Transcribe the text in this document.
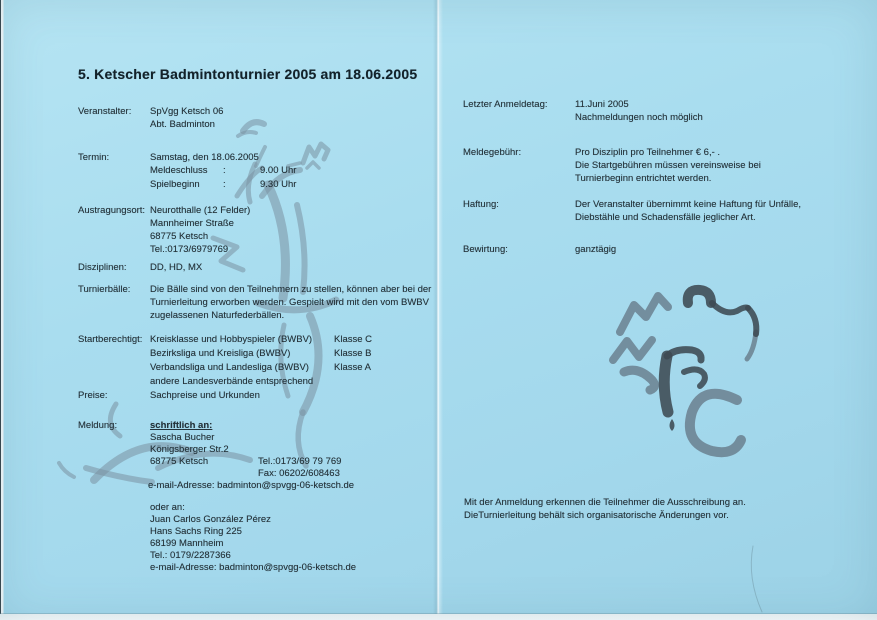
5. Ketscher Badmintonturnier 2005 am 18.06.2005
Veranstalter: SpVgg Ketsch 06
Abt. Badminton
Termin:	Samstag, den 18.06.2005
Meldeschluss :	9.00 Uhr
Spielbeginn :	9.30 Uhr
Austragungsort: Neurotthalle (12 Felder)
Mannheimer Straße
68775 Ketsch
Tel.:0173/6979769
Disziplinen: DD, HD, MX
Turnierbälle: Die Bälle sind von den Teilnehmern zu stellen, können aber bei der
Turnierleitung erworben werden. Gespielt wird mit den vom BWBV
zugelassenen Naturfederbällen.
Startberechtigt: Kreisklasse und Hobbyspieler (BWBV) Klasse C
Bezirksliga und Kreisliga (BWBV)	Klasse B
Verbandsliga und Landesliga (BWBV)	Klasse A
andere Landesverbände entsprechend
Preise:	Sachpreise und Urkunden
Meldung:	schriftlich an:
Sascha Bucher
Königsberger Str.2
68775 Ketsch	Tel.:0173/69 79 769
Fax: 06202/608463
e-mail-Adresse: badminton@spvgg-06-ketsch.de
oder an:
Juan Carlos González Pérez
Hans Sachs Ring 225
68199 Mannheim
Tel.: 0179/2287366
e-mail-Adresse: badminton@spvgg-06-ketsch.de
Letzter Anmeldetag:	11.Juni 2005
Nachmeldungen noch möglich
Meldegebühr:	Pro Disziplin pro Teilnehmer € 6,- .
Die Startgebühren müssen vereinsweise bei
Turnierbeginn entrichtet werden.
Haftung:	Der Veranstalter übernimmt keine Haftung für Unfälle,
Diebstähle und Schadensfälle jeglicher Art.
Bewirtung:	ganztägig
Mit der Anmeldung erkennen die Teilnehmer die Ausschreibung an.
DieTurnierleitung behält sich organisatorische Änderungen vor.
